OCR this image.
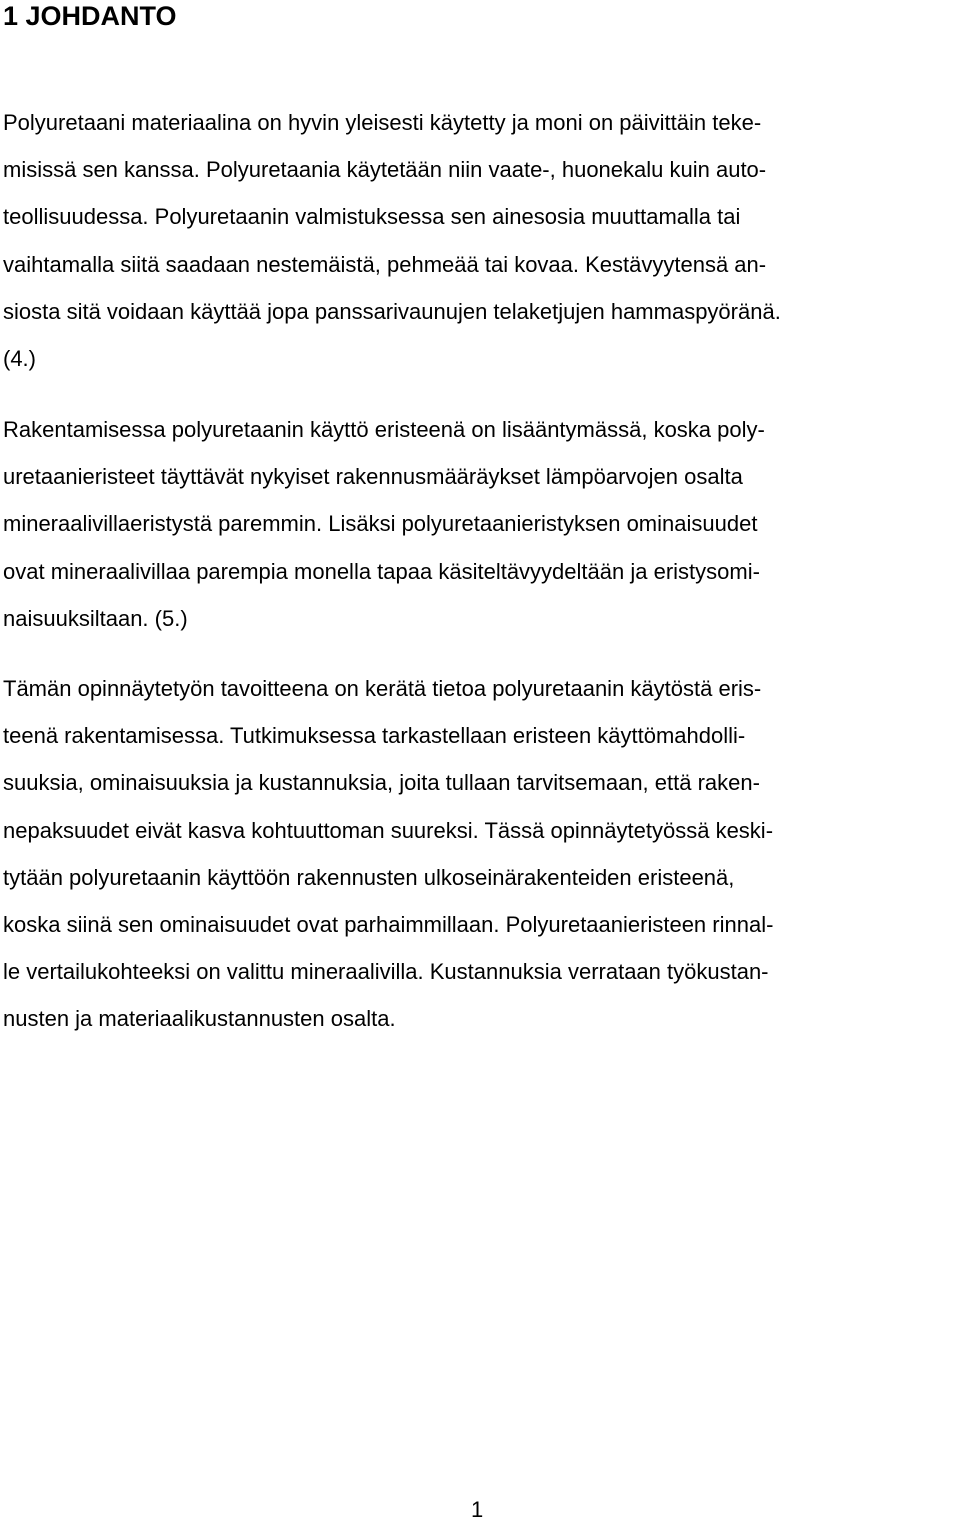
1 JOHDANTO

Polyuretaani materiaalina on hyvin yleisesti käytetty ja moni on päivittäin teke-
misissä sen kanssa. Polyuretaania käytetään niin vaate-, huonekalu kuin auto-
teollisuudessa. Polyuretaanin valmistuksessa sen ainesosia muuttamalla tai
vaihtamalla siitä saadaan nestemäistä, pehmeää tai kovaa. Kestävyytensä an-
siosta sitä voidaan käyttää jopa panssarivaunujen telaketjujen hammaspyöränä.
(4.)

Rakentamisessa polyuretaanin käyttö eristeenä on lisääntymässä, koska poly-
uretaanieristeet täyttävät nykyiset rakennusmääräykset lämpöarvojen osalta
mineraalivillaeristystä paremmin. Lisäksi polyuretaanieristyksen ominaisuudet
ovat mineraalivillaa parempia monella tapaa käsiteltävyydeltään ja eristysomi-
naisuuksiltaan. (5.)

Tämän opinnäytetyön tavoitteena on kerätä tietoa polyuretaanin käytöstä eris-
teenä rakentamisessa. Tutkimuksessa tarkastellaan eristeen käyttömahdolli-
suuksia, ominaisuuksia ja kustannuksia, joita tullaan tarvitsemaan, että raken-
nepaksuudet eivät kasva kohtuuttoman suureksi. Tässä opinnäytetyössä keski-
tytään polyuretaanin käyttöön rakennusten ulkoseinärakenteiden eristeenä,
koska siinä sen ominaisuudet ovat parhaimmillaan. Polyuretaanieristeen rinnal-
le vertailukohteeksi on valittu mineraalivilla. Kustannuksia verrataan työkustan-
nusten ja materiaalikustannusten osalta.

1
